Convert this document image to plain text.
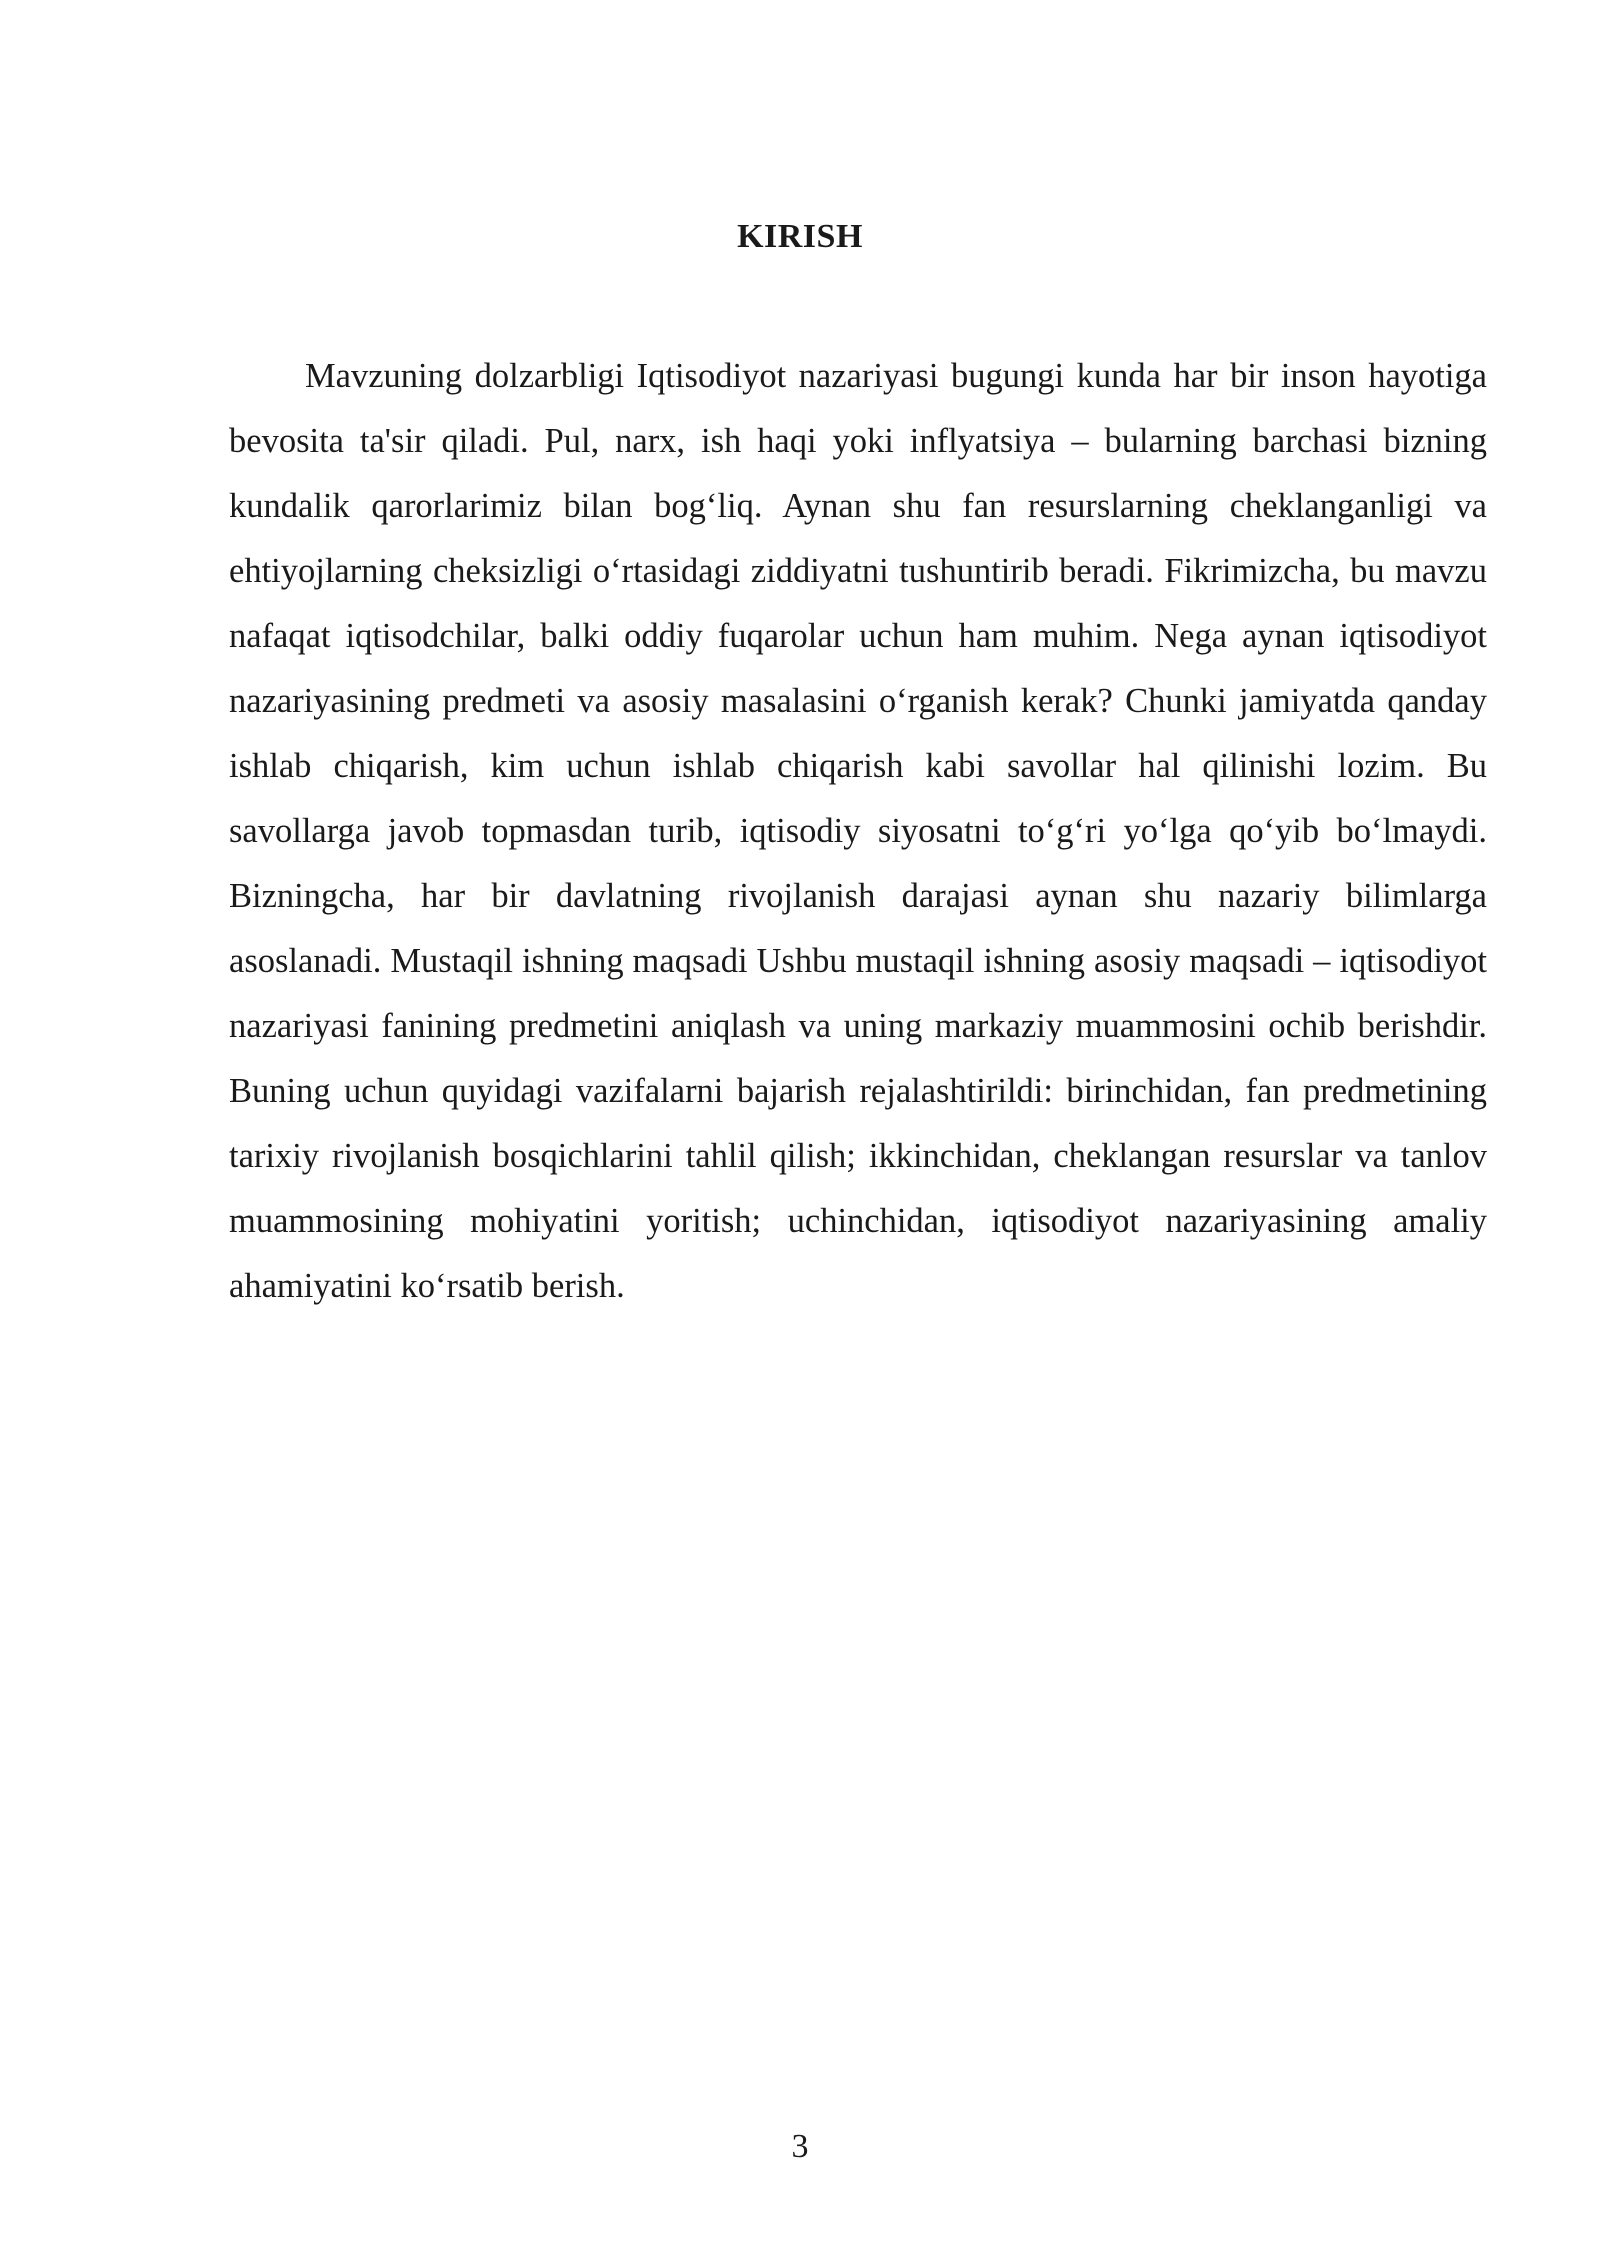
KIRISH

Mavzuning dolzarbligi Iqtisodiyot nazariyasi bugungi kunda har bir inson hayotiga bevosita ta'sir qiladi. Pul, narx, ish haqi yoki inflyatsiya – bularning barchasi bizning kundalik qarorlarimiz bilan bog‘liq. Aynan shu fan resurslarning cheklanganligi va ehtiyojlarning cheksizligi o‘rtasidagi ziddiyatni tushuntirib beradi. Fikrimizcha, bu mavzu nafaqat iqtisodchilar, balki oddiy fuqarolar uchun ham muhim. Nega aynan iqtisodiyot nazariyasining predmeti va asosiy masalasini o‘rganish kerak? Chunki jamiyatda qanday ishlab chiqarish, kim uchun ishlab chiqarish kabi savollar hal qilinishi lozim. Bu savollarga javob topmasdan turib, iqtisodiy siyosatni to‘g‘ri yo‘lga qo‘yib bo‘lmaydi. Bizningcha, har bir davlatning rivojlanish darajasi aynan shu nazariy bilimlarga asoslanadi. Mustaqil ishning maqsadi Ushbu mustaqil ishning asosiy maqsadi – iqtisodiyot nazariyasi fanining predmetini aniqlash va uning markaziy muammosini ochib berishdir. Buning uchun quyidagi vazifalarni bajarish rejalashtirildi: birinchidan, fan predmetining tarixiy rivojlanish bosqichlarini tahlil qilish; ikkinchidan, cheklangan resurslar va tanlov muammosining mohiyatini yoritish; uchinchidan, iqtisodiyot nazariyasining amaliy ahamiyatini ko‘rsatib berish.

3
